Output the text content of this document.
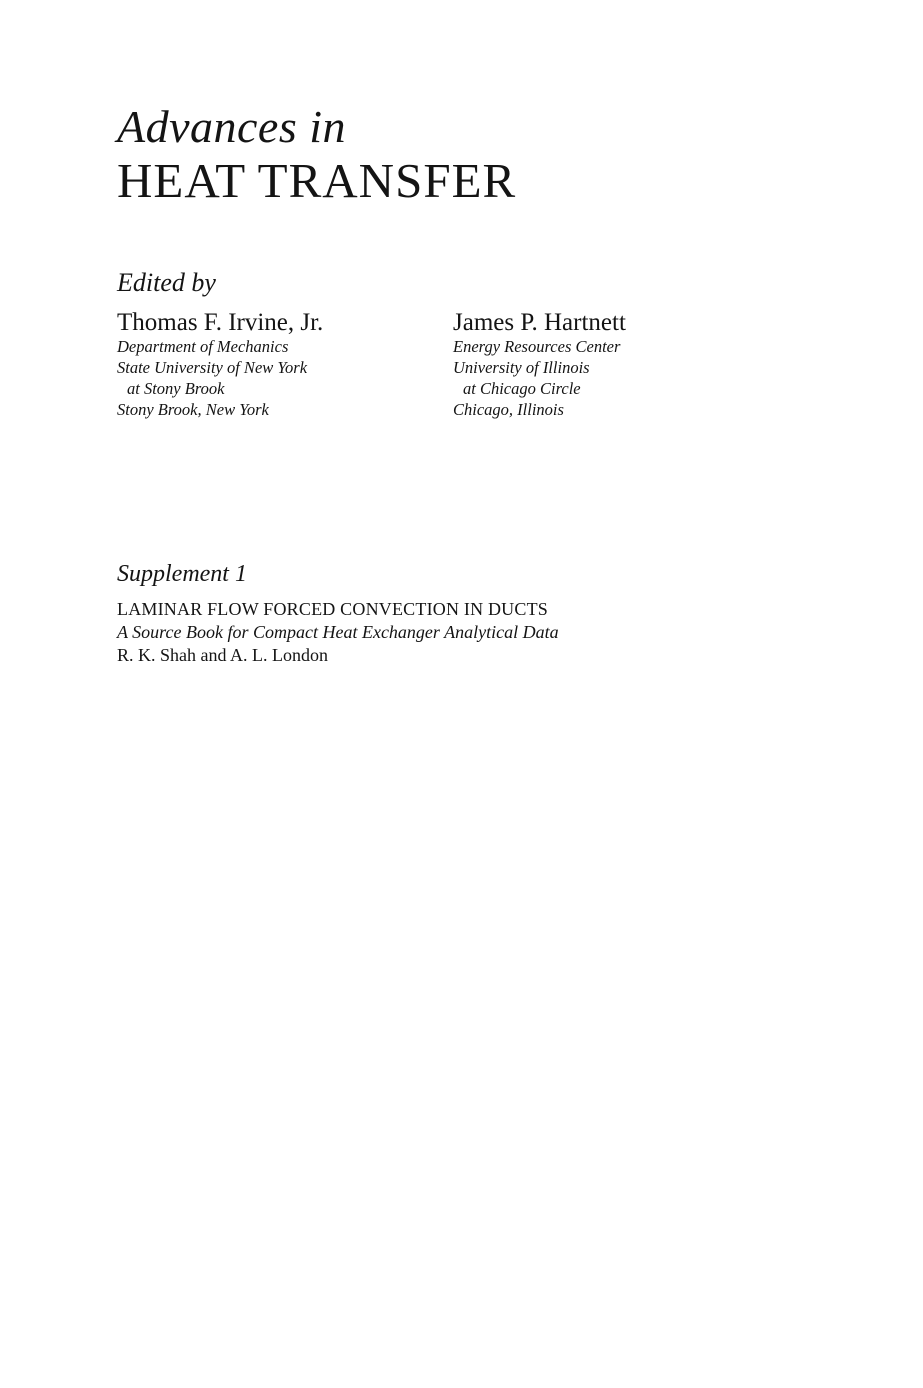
Advances in
HEAT TRANSFER
Edited by
Thomas F. Irvine, Jr.
Department of Mechanics
State University of New York
at Stony Brook
Stony Brook, New York
James P. Hartnett
Energy Resources Center
University of Illinois
at Chicago Circle
Chicago, Illinois
Supplement 1
LAMINAR FLOW FORCED CONVECTION IN DUCTS
A Source Book for Compact Heat Exchanger Analytical Data
R. K. Shah and A. L. London
